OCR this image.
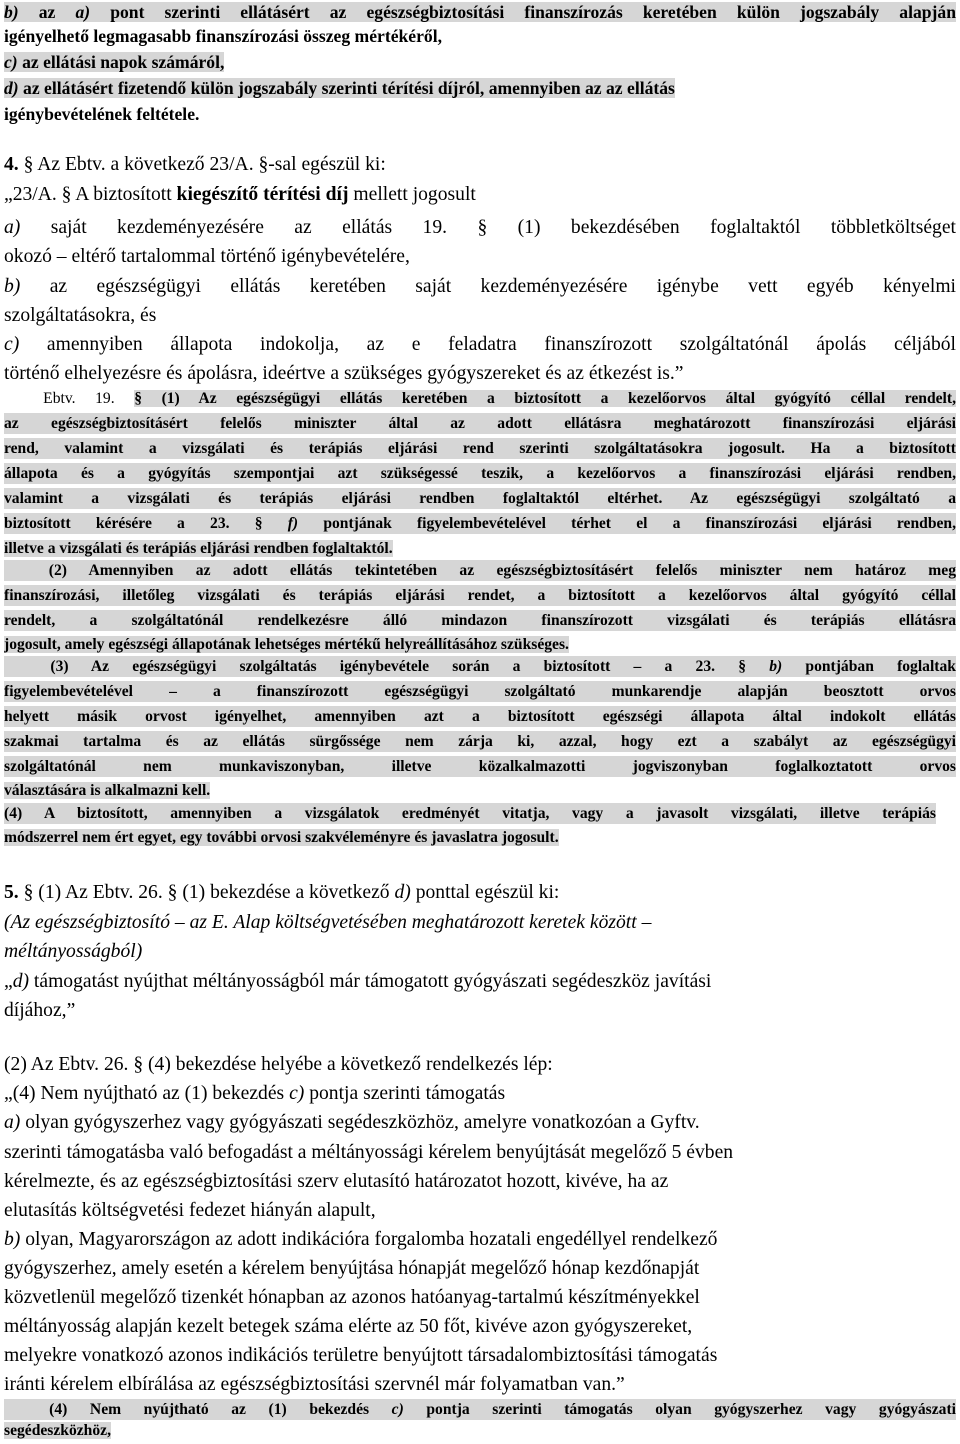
b) az a) pont szerinti ellátásért az egészségbiztosítási finanszírozás keretében külön jogszabály alapján
igényelhető legmagasabb finanszírozási összeg mértékéről,
c) az ellátási napok számáról,
d) az ellátásért fizetendő külön jogszabály szerinti térítési díjról, amennyiben az az ellátás
igénybevételének feltétele.
4. § Az Ebtv. a következő 23/A. §-sal egészül ki:
„23/A. § A biztosított kiegészítő térítési díj mellett jogosult
a) saját kezdeményezésére az ellátás 19. § (1) bekezdésében foglaltaktól többletköltséget
okozó – eltérő tartalommal történő igénybevételére,
b) az egészségügyi ellátás keretében saját kezdeményezésére igénybe vett egyéb kényelmi
szolgáltatásokra, és
c) amennyiben állapota indokolja, az e feladatra finanszírozott szolgáltatónál ápolás céljából
történő elhelyezésre és ápolásra, ideértve a szükséges gyógyszereket és az étkezést is.”
Ebtv. 19. § (1) Az egészségügyi ellátás keretében a biztosított a kezelőorvos által gyógyító céllal rendelt,
az egészségbiztosításért felelős miniszter által az adott ellátásra meghatározott finanszírozási eljárási
rend, valamint a vizsgálati és terápiás eljárási rend szerinti szolgáltatásokra jogosult. Ha a biztosított
állapota és a gyógyítás szempontjai azt szükségessé teszik, a kezelőorvos a finanszírozási eljárási rendben,
valamint a vizsgálati és terápiás eljárási rendben foglaltaktól eltérhet. Az egészségügyi szolgáltató a
biztosított kérésére a 23. § f) pontjának figyelembevételével térhet el a finanszírozási eljárási rendben,
illetve a vizsgálati és terápiás eljárási rendben foglaltaktól.
(2) Amennyiben az adott ellátás tekintetében az egészségbiztosításért felelős miniszter nem határoz meg
finanszírozási, illetőleg vizsgálati és terápiás eljárási rendet, a biztosított a kezelőorvos által gyógyító céllal
rendelt, a szolgáltatónál rendelkezésre álló mindazon finanszírozott vizsgálati és terápiás ellátásra
jogosult, amely egészségi állapotának lehetséges mértékű helyreállításához szükséges.
(3) Az egészségügyi szolgáltatás igénybevétele során a biztosított – a 23. § b) pontjában foglaltak
figyelembevételével – a finanszírozott egészségügyi szolgáltató munkarendje alapján beosztott orvos
helyett másik orvost igényelhet, amennyiben azt a biztosított egészségi állapota által indokolt ellátás
szakmai tartalma és az ellátás sürgőssége nem zárja ki, azzal, hogy ezt a szabályt az egészségügyi
szolgáltatónál nem munkaviszonyban, illetve közalkalmazotti jogviszonyban foglalkoztatott orvos
választására is alkalmazni kell.
(4) A biztosított, amennyiben a vizsgálatok eredményét vitatja, vagy a javasolt vizsgálati, illetve terápiás
módszerrel nem ért egyet, egy további orvosi szakvéleményre és javaslatra jogosult.
5. § (1) Az Ebtv. 26. § (1) bekezdése a következő d) ponttal egészül ki:
(Az egészségbiztosító – az E. Alap költségvetésében meghatározott keretek között –
méltányosságból)
„d) támogatást nyújthat méltányosságból már támogatott gyógyászati segédeszköz javítási
díjához,”
(2) Az Ebtv. 26. § (4) bekezdése helyébe a következő rendelkezés lép:
„(4) Nem nyújtható az (1) bekezdés c) pontja szerinti támogatás
a) olyan gyógyszerhez vagy gyógyászati segédeszközhöz, amelyre vonatkozóan a Gyftv.
szerinti támogatásba való befogadást a méltányossági kérelem benyújtását megelőző 5 évben
kérelmezte, és az egészségbiztosítási szerv elutasító határozatot hozott, kivéve, ha az
elutasítás költségvetési fedezet hiányán alapult,
b) olyan, Magyarországon az adott indikációra forgalomba hozatali engedéllyel rendelkező
gyógyszerhez, amely esetén a kérelem benyújtása hónapját megelőző hónap kezdőnapját
közvetlenül megelőző tizenkét hónapban az azonos hatóanyag-tartalmú készítményekkel
méltányosság alapján kezelt betegek száma elérte az 50 főt, kivéve azon gyógyszereket,
melyekre vonatkozó azonos indikációs területre benyújtott társadalombiztosítási támogatás
iránti kérelem elbírálása az egészségbiztosítási szervnél már folyamatban van.”
(4) Nem nyújtható az (1) bekezdés c) pontja szerinti támogatás olyan gyógyszerhez vagy gyógyászati
segédeszközhöz,
